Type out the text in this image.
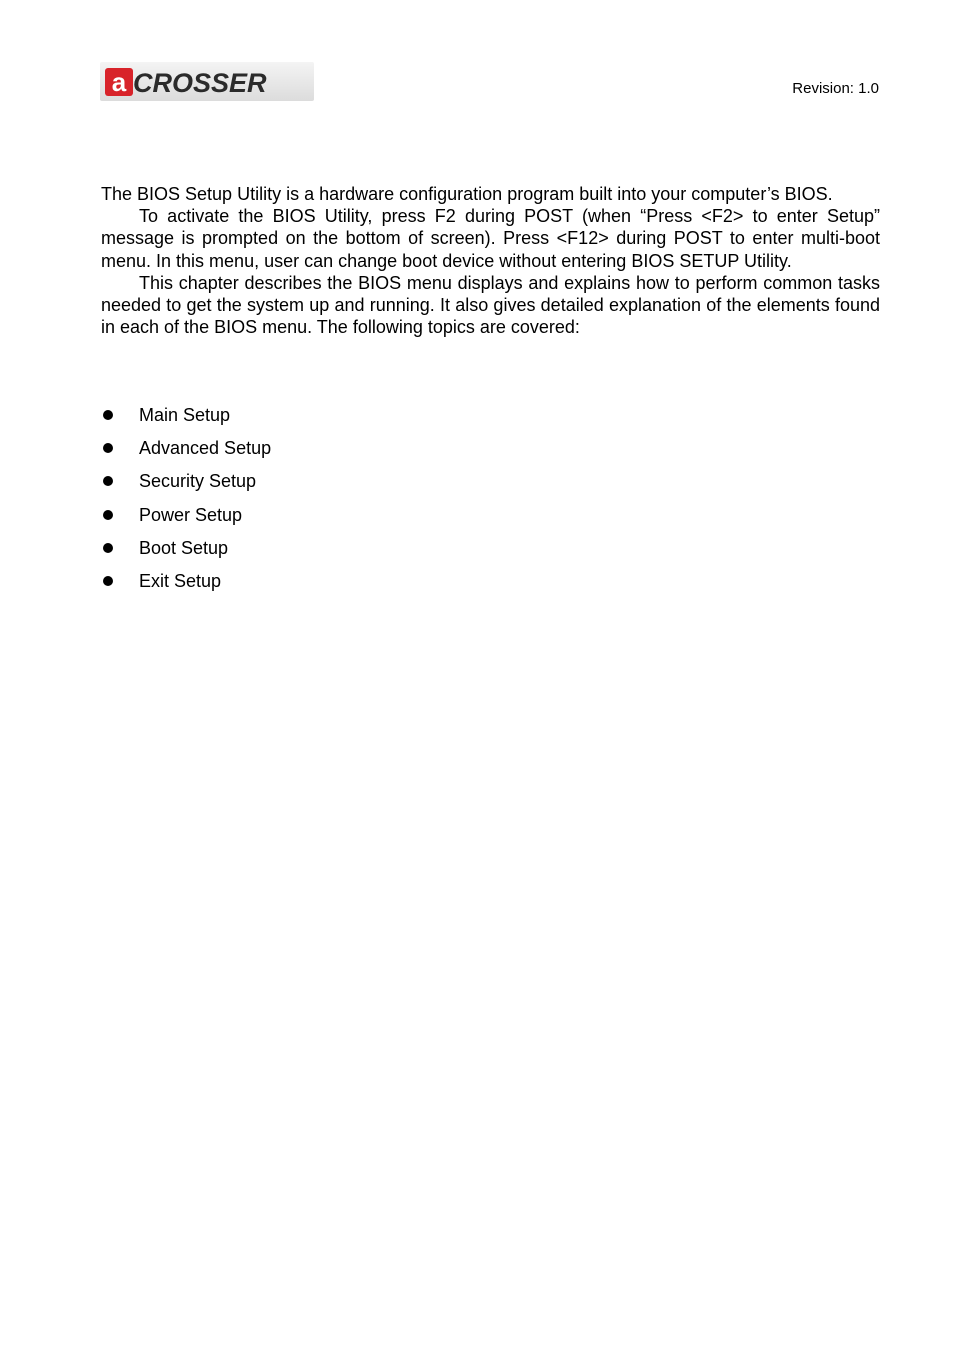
a CROSSER	Revision: 1.0

The BIOS Setup Utility is a hardware configuration program built into your computer’s BIOS.

To activate the BIOS Utility, press F2 during POST (when “Press <F2> to enter Setup” message is prompted on the bottom of screen). Press <F12> during POST to enter multi-boot menu. In this menu, user can change boot device without entering BIOS SETUP Utility.

This chapter describes the BIOS menu displays and explains how to perform common tasks needed to get the system up and running. It also gives detailed explanation of the elements found in each of the BIOS menu. The following topics are covered:

Main Setup
Advanced Setup
Security Setup
Power Setup
Boot Setup
Exit Setup
